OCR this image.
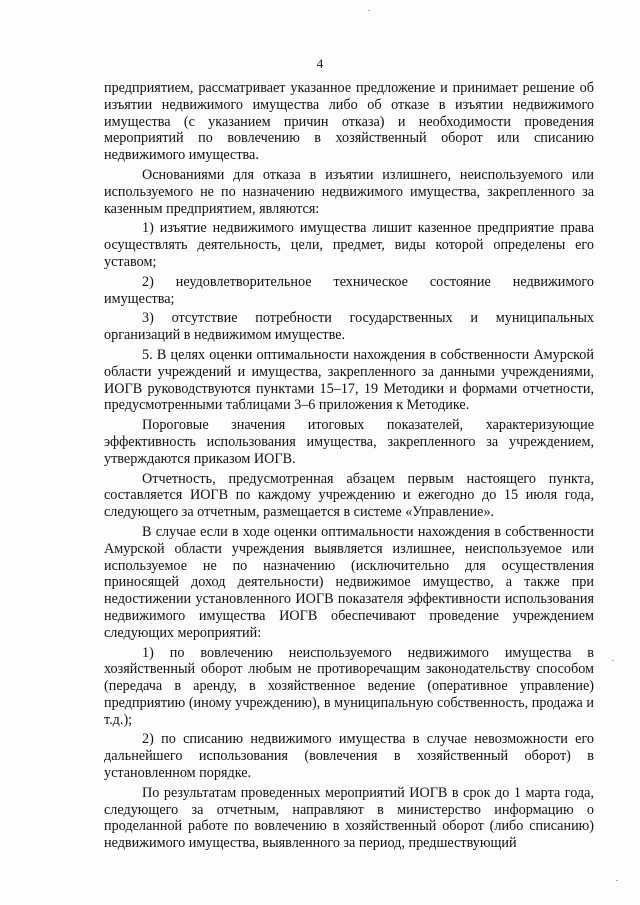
4

предприятием, рассматривает указанное предложение и принимает решение об изъятии недвижимого имущества либо об отказе в изъятии недвижимого имущества (с указанием причин отказа) и необходимости проведения мероприятий по вовлечению в хозяйственный оборот или списанию недвижимого имущества.

Основаниями для отказа в изъятии излишнего, неиспользуемого или используемого не по назначению недвижимого имущества, закрепленного за казенным предприятием, являются:

1) изъятие недвижимого имущества лишит казенное предприятие права осуществлять деятельность, цели, предмет, виды которой определены его уставом;

2) неудовлетворительное техническое состояние недвижимого имущества;

3) отсутствие потребности государственных и муниципальных организаций в недвижимом имуществе.

5. В целях оценки оптимальности нахождения в собственности Амурской области учреждений и имущества, закрепленного за данными учреждениями, ИОГВ руководствуются пунктами 15–17, 19 Методики и формами отчетности, предусмотренными таблицами 3–6 приложения к Методике.

Пороговые значения итоговых показателей, характеризующие эффективность использования имущества, закрепленного за учреждением, утверждаются приказом ИОГВ.

Отчетность, предусмотренная абзацем первым настоящего пункта, составляется ИОГВ по каждому учреждению и ежегодно до 15 июля года, следующего за отчетным, размещается в системе «Управление».

В случае если в ходе оценки оптимальности нахождения в собственности Амурской области учреждения выявляется излишнее, неиспользуемое или используемое не по назначению (исключительно для осуществления приносящей доход деятельности) недвижимое имущество, а также при недостижении установленного ИОГВ показателя эффективности использования недвижимого имущества ИОГВ обеспечивают проведение учреждением следующих мероприятий:

1) по вовлечению неиспользуемого недвижимого имущества в хозяйственный оборот любым не противоречащим законодательству способом (передача в аренду, в хозяйственное ведение (оперативное управление) предприятию (иному учреждению), в муниципальную собственность, продажа и т.д.);

2) по списанию недвижимого имущества в случае невозможности его дальнейшего использования (вовлечения в хозяйственный оборот) в установленном порядке.

По результатам проведенных мероприятий ИОГВ в срок до 1 марта года, следующего за отчетным, направляют в министерство информацию о проделанной работе по вовлечению в хозяйственный оборот (либо списанию) недвижимого имущества, выявленного за период, предшествующий
